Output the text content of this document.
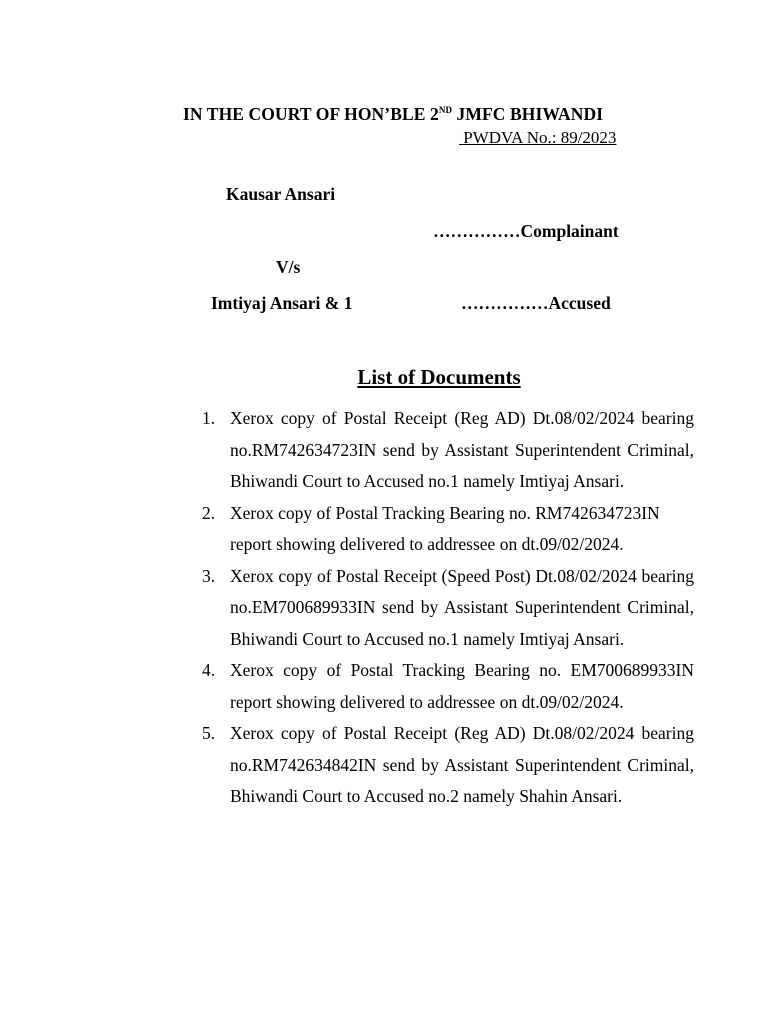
IN THE COURT OF HON’BLE 2ND JMFC BHIWANDI
PWDVA No.: 89/2023
Kausar Ansari
……………Complainant
V/s
Imtiyaj Ansari & 1	……………Accused
List of Documents
1. Xerox copy of Postal Receipt (Reg AD) Dt.08/02/2024 bearing no.RM742634723IN send by Assistant Superintendent Criminal, Bhiwandi Court to Accused no.1 namely Imtiyaj Ansari.
2. Xerox copy of Postal Tracking Bearing no. RM742634723IN report showing delivered to addressee on dt.09/02/2024.
3. Xerox copy of Postal Receipt (Speed Post) Dt.08/02/2024 bearing no.EM700689933IN send by Assistant Superintendent Criminal, Bhiwandi Court to Accused no.1 namely Imtiyaj Ansari.
4. Xerox copy of Postal Tracking Bearing no. EM700689933IN report showing delivered to addressee on dt.09/02/2024.
5. Xerox copy of Postal Receipt (Reg AD) Dt.08/02/2024 bearing no.RM742634842IN send by Assistant Superintendent Criminal, Bhiwandi Court to Accused no.2 namely Shahin Ansari.
